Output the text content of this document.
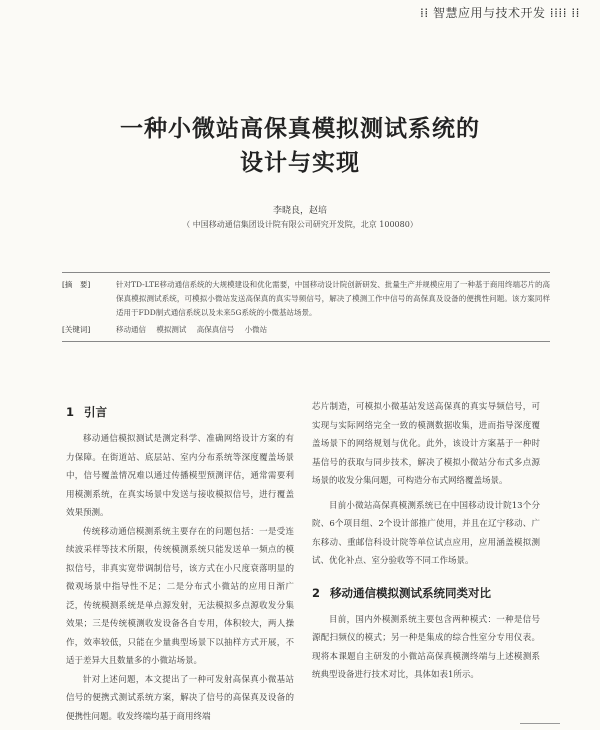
⁞⁞ 智慧应用与技术开发 ⁞⁞⁞⁞ ⁞⁞
一种小微站高保真模拟测试系统的
设计与实现
李晓良，赵培
（ 中国移动通信集团设计院有限公司研究开发院，北京 100080）
[摘　要]	针对TD-LTE移动通信系统的大规模建设和优化需要，中国移动设计院创新研发、批量生产并规模应用了一种基于商用终端芯片的高保真模拟测试系统，可模拟小微站发送高保真的真实导频信号，解决了模测工作中信号的高保真及设备的便携性问题。该方案同样适用于FDD制式通信系统以及未来5G系统的小微基站场景。
[关键词]	移动通信 模拟测试 高保真信号 小微站
1 引言

移动通信模拟测试是测定科学、准确网络设计方案的有力保障。在街道站、底层站、室内分布系统等深度覆盖场景中，信号覆盖情况难以通过传播模型预测评估，通常需要利用模测系统，在真实场景中发送与接收模拟信号，进行覆盖效果预测。

传统移动通信模测系统主要存在的问题包括：一是受连续波采样等技术所限，传统模测系统只能发送单一频点的模拟信号，非真实宽带调制信号，该方式在小尺度衰落明显的微观场景中指导性不足；二是分布式小微站的应用日渐广泛，传统模测系统是单点源发射，无法模拟多点源收发分集效果；三是传统模测收发设备各自专用，体积较大，两人操作，效率较低，只能在少量典型场景下以抽样方式开展，不适于差异大且数量多的小微站场景。

针对上述问题，本文提出了一种可发射高保真小微基站信号的便携式测试系统方案，解决了信号的高保真及设备的便携性问题。收发终端均基于商用终端

芯片制造，可模拟小微基站发送高保真的真实导频信号，可实现与实际网络完全一致的模测数据收集，进而指导深度覆盖场景下的网络规划与优化。此外，该设计方案基于一种时基信号的获取与同步技术，解决了模拟小微站分布式多点源场景的收发分集问题，可构造分布式网络覆盖场景。

目前小微站高保真模测系统已在中国移动设计院13个分院、6个项目组、2个设计部推广使用，并且在辽宁移动、广东移动、重邮信科设计院等单位试点应用，应用涵盖模拟测试、优化补点、室分验收等不同工作场景。

2 移动通信模拟测试系统同类对比

目前，国内外模测系统主要包含两种模式：一种是信号源配扫频仪的模式；另一种是集成的综合性室分专用仪表。现将本课题自主研发的小微站高保真模测终端与上述模测系统典型设备进行技术对比，具体如表1所示。
